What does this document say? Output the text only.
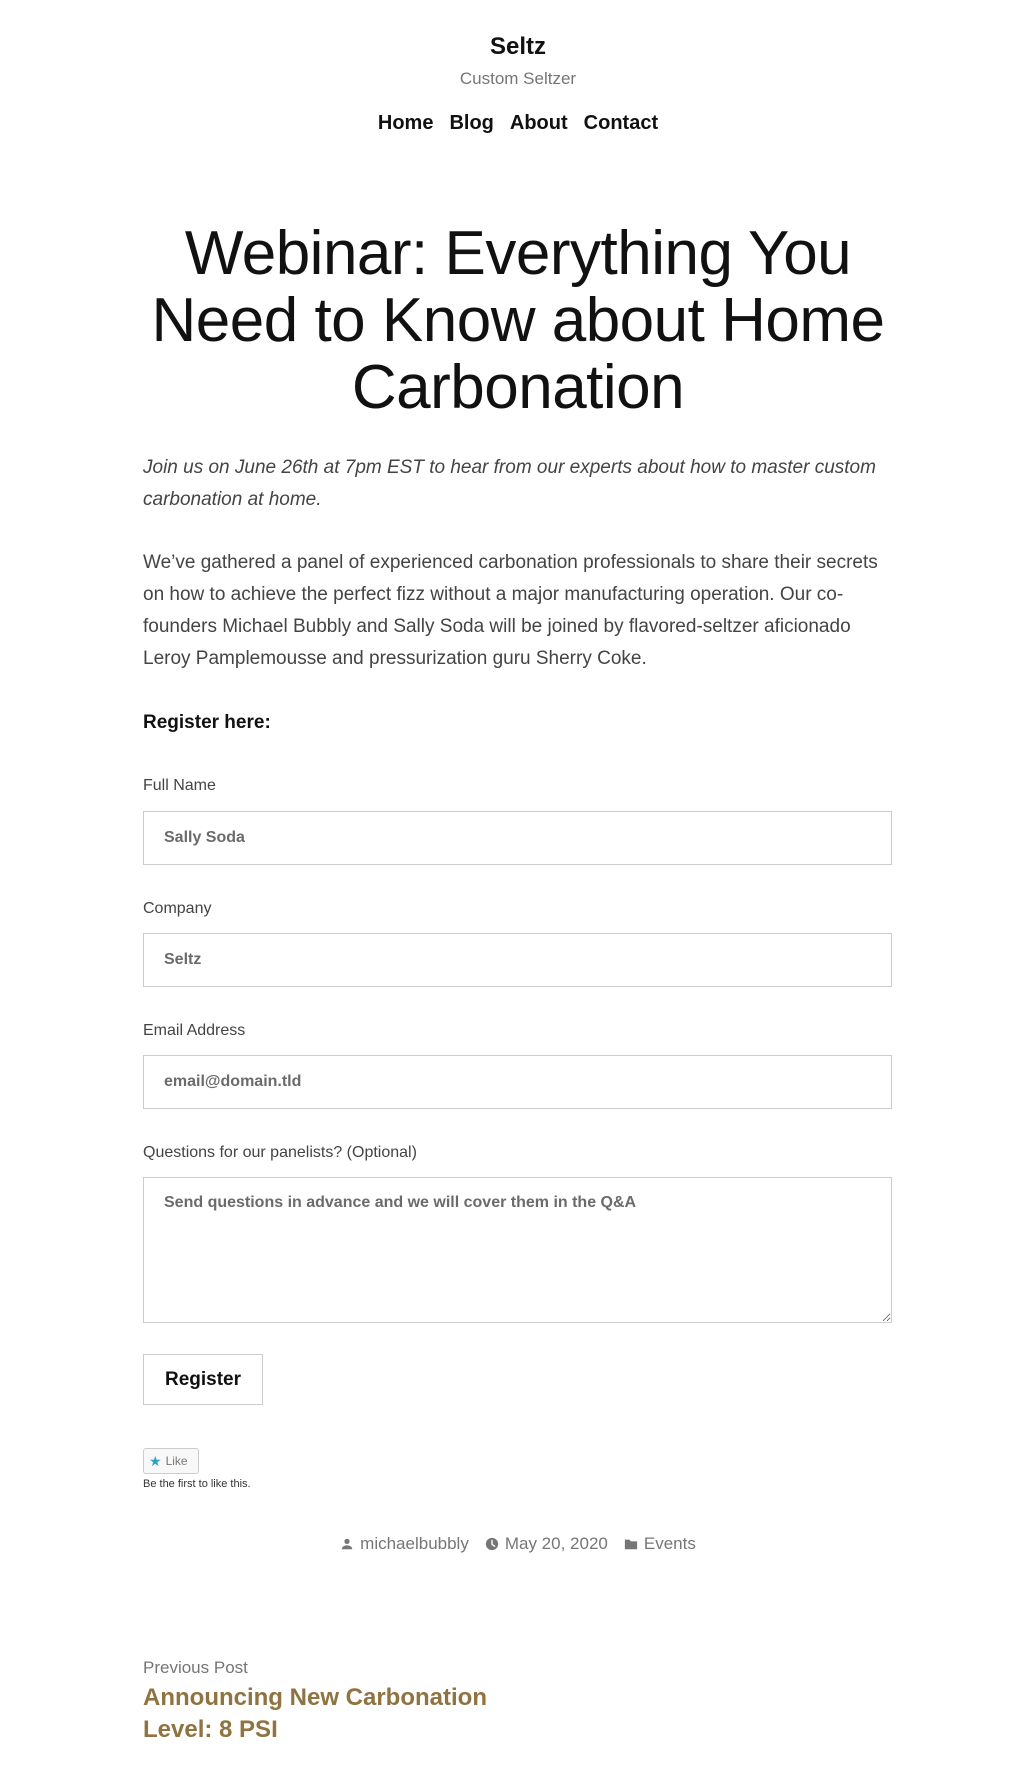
Seltz
Custom Seltzer
Home Blog About Contact
Webinar: Everything You Need to Know about Home Carbonation

Join us on June 26th at 7pm EST to hear from our experts about how to master custom carbonation at home.

We’ve gathered a panel of experienced carbonation professionals to share their secrets on how to achieve the perfect fizz without a major manufacturing operation. Our co-founders Michael Bubbly and Sally Soda will be joined by flavored-seltzer aficionado Leroy Pamplemousse and pressurization guru Sherry Coke.

Register here:

Full Name
Sally Soda
Company
Seltz
Email Address
email@domain.tld
Questions for our panelists? (Optional)
Send questions in advance and we will cover them in the Q&A
Register
★ Like
Be the first to like this.
michaelbubbly May 20, 2020 Events
Previous Post
Announcing New Carbonation Level: 8 PSI
